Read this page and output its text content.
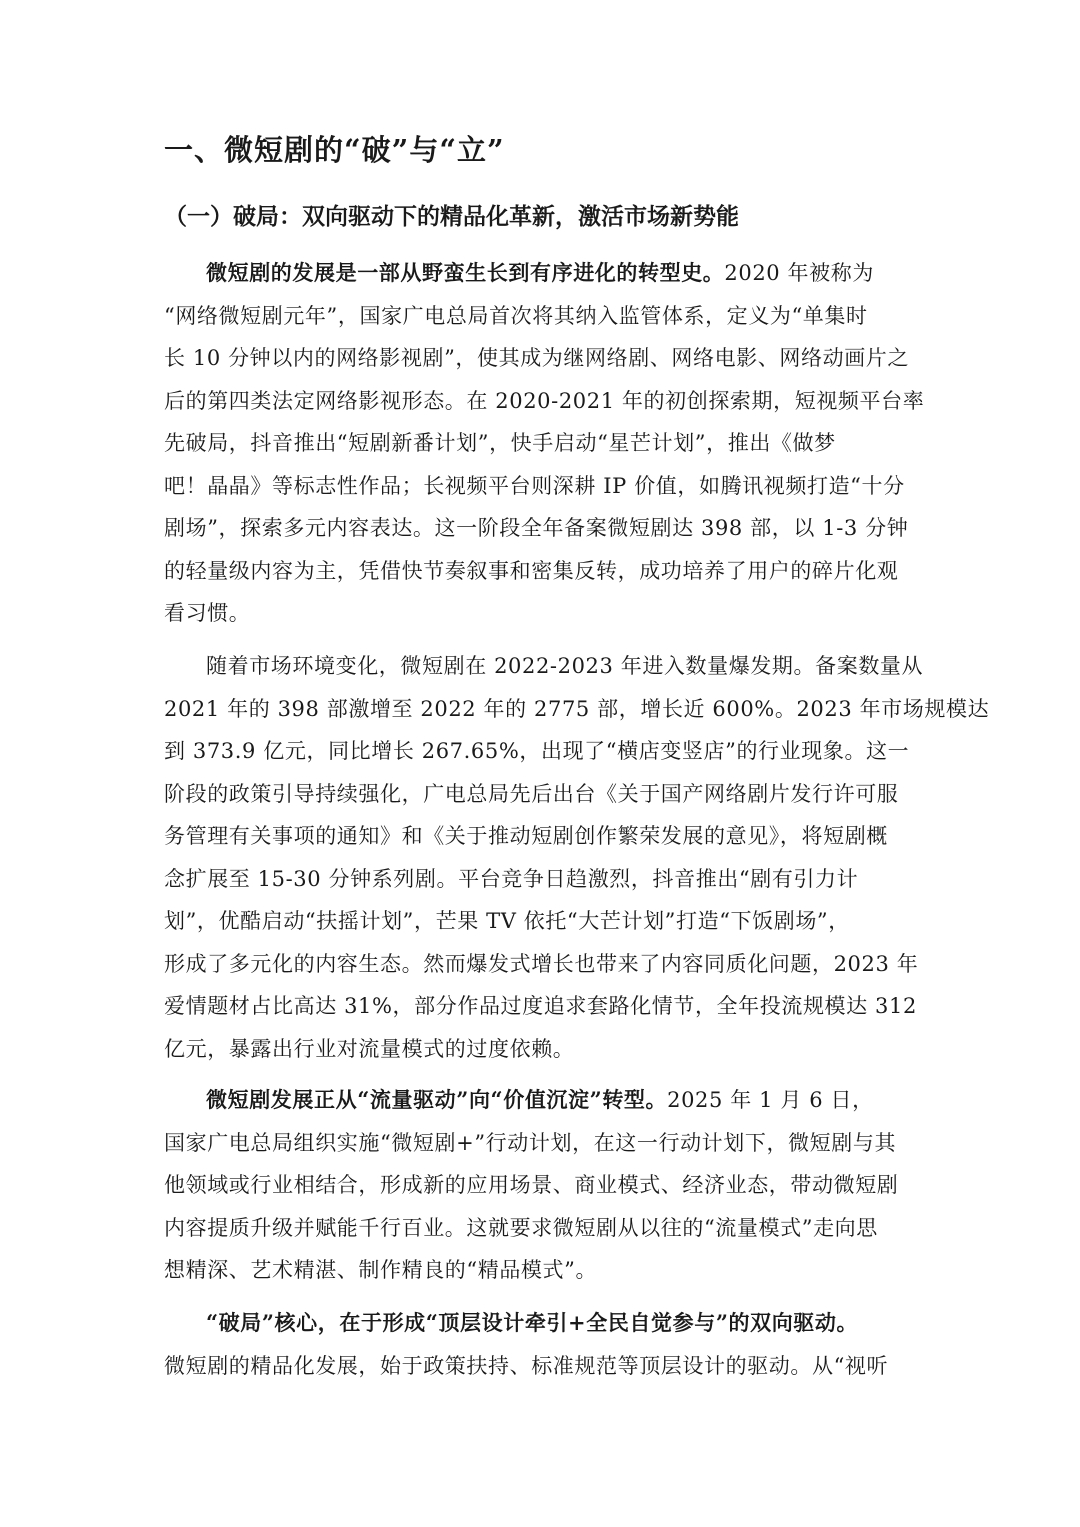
一、微短剧的“破”与“立”
（一）破局：双向驱动下的精品化革新，激活市场新势能
微短剧的发展是一部从野蛮生长到有序进化的转型史。2020 年被称为
“网络微短剧元年”，国家广电总局首次将其纳入监管体系，定义为“单集时
长 10 分钟以内的网络影视剧”，使其成为继网络剧、网络电影、网络动画片之
后的第四类法定网络影视形态。在 2020-2021 年的初创探索期，短视频平台率
先破局，抖音推出“短剧新番计划”，快手启动“星芒计划”，推出《做梦
吧！晶晶》等标志性作品；长视频平台则深耕 IP 价值，如腾讯视频打造“十分
剧场”，探索多元内容表达。这一阶段全年备案微短剧达 398 部，以 1-3 分钟
的轻量级内容为主，凭借快节奏叙事和密集反转，成功培养了用户的碎片化观
看习惯。
随着市场环境变化，微短剧在 2022-2023 年进入数量爆发期。备案数量从
2021 年的 398 部激增至 2022 年的 2775 部，增长近 600%。2023 年市场规模达
到 373.9 亿元，同比增长 267.65%，出现了“横店变竖店”的行业现象。这一
阶段的政策引导持续强化，广电总局先后出台《关于国产网络剧片发行许可服
务管理有关事项的通知》和《关于推动短剧创作繁荣发展的意见》，将短剧概
念扩展至 15-30 分钟系列剧。平台竞争日趋激烈，抖音推出“剧有引力计
划”，优酷启动“扶摇计划”，芒果 TV 依托“大芒计划”打造“下饭剧场”，
形成了多元化的内容生态。然而爆发式增长也带来了内容同质化问题，2023 年
爱情题材占比高达 31%，部分作品过度追求套路化情节，全年投流规模达 312
亿元，暴露出行业对流量模式的过度依赖。
微短剧发展正从“流量驱动”向“价值沉淀”转型。2025 年 1 月 6 日，
国家广电总局组织实施“微短剧+”行动计划，在这一行动计划下，微短剧与其
他领域或行业相结合，形成新的应用场景、商业模式、经济业态，带动微短剧
内容提质升级并赋能千行百业。这就要求微短剧从以往的“流量模式”走向思
想精深、艺术精湛、制作精良的“精品模式”。
“破局”核心，在于形成“顶层设计牵引+全民自觉参与”的双向驱动。
微短剧的精品化发展，始于政策扶持、标准规范等顶层设计的驱动。从“视听
